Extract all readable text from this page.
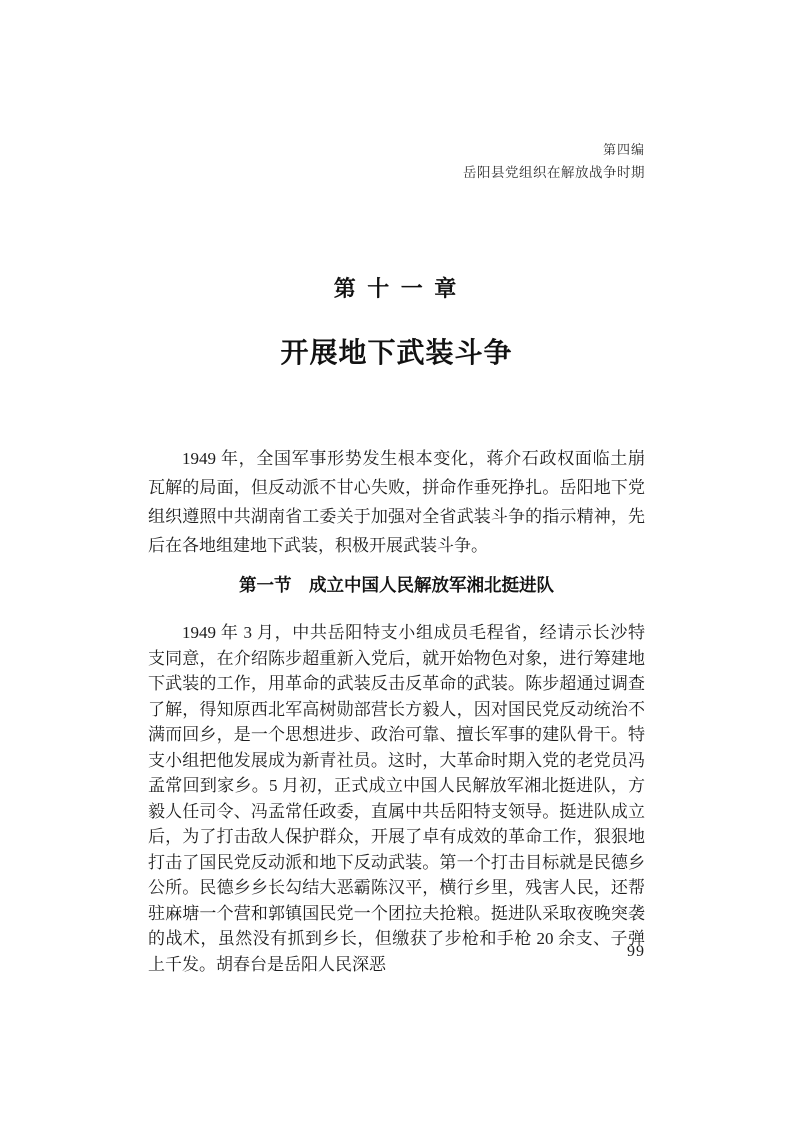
第四编
岳阳县党组织在解放战争时期
第 十 一 章
开展地下武装斗争

1949 年，全国军事形势发生根本变化，蒋介石政权面临土崩瓦解的局面，但反动派不甘心失败，拼命作垂死挣扎。岳阳地下党组织遵照中共湖南省工委关于加强对全省武装斗争的指示精神，先后在各地组建地下武装，积极开展武装斗争。

第一节　成立中国人民解放军湘北挺进队

1949 年 3 月，中共岳阳特支小组成员毛程省，经请示长沙特支同意，在介绍陈步超重新入党后，就开始物色对象，进行筹建地下武装的工作，用革命的武装反击反革命的武装。陈步超通过调查了解，得知原西北军高树勋部营长方毅人，因对国民党反动统治不满而回乡，是一个思想进步、政治可靠、擅长军事的建队骨干。特支小组把他发展成为新青社员。这时，大革命时期入党的老党员冯孟常回到家乡。5 月初，正式成立中国人民解放军湘北挺进队，方毅人任司令、冯孟常任政委，直属中共岳阳特支领导。挺进队成立后，为了打击敌人保护群众，开展了卓有成效的革命工作，狠狠地打击了国民党反动派和地下反动武装。第一个打击目标就是民德乡公所。民德乡乡长勾结大恶霸陈汉平，横行乡里，残害人民，还帮驻麻塘一个营和郭镇国民党一个团拉夫抢粮。挺进队采取夜晚突袭的战术，虽然没有抓到乡长，但缴获了步枪和手枪 20 余支、子弹上千发。胡春台是岳阳人民深恶

99
